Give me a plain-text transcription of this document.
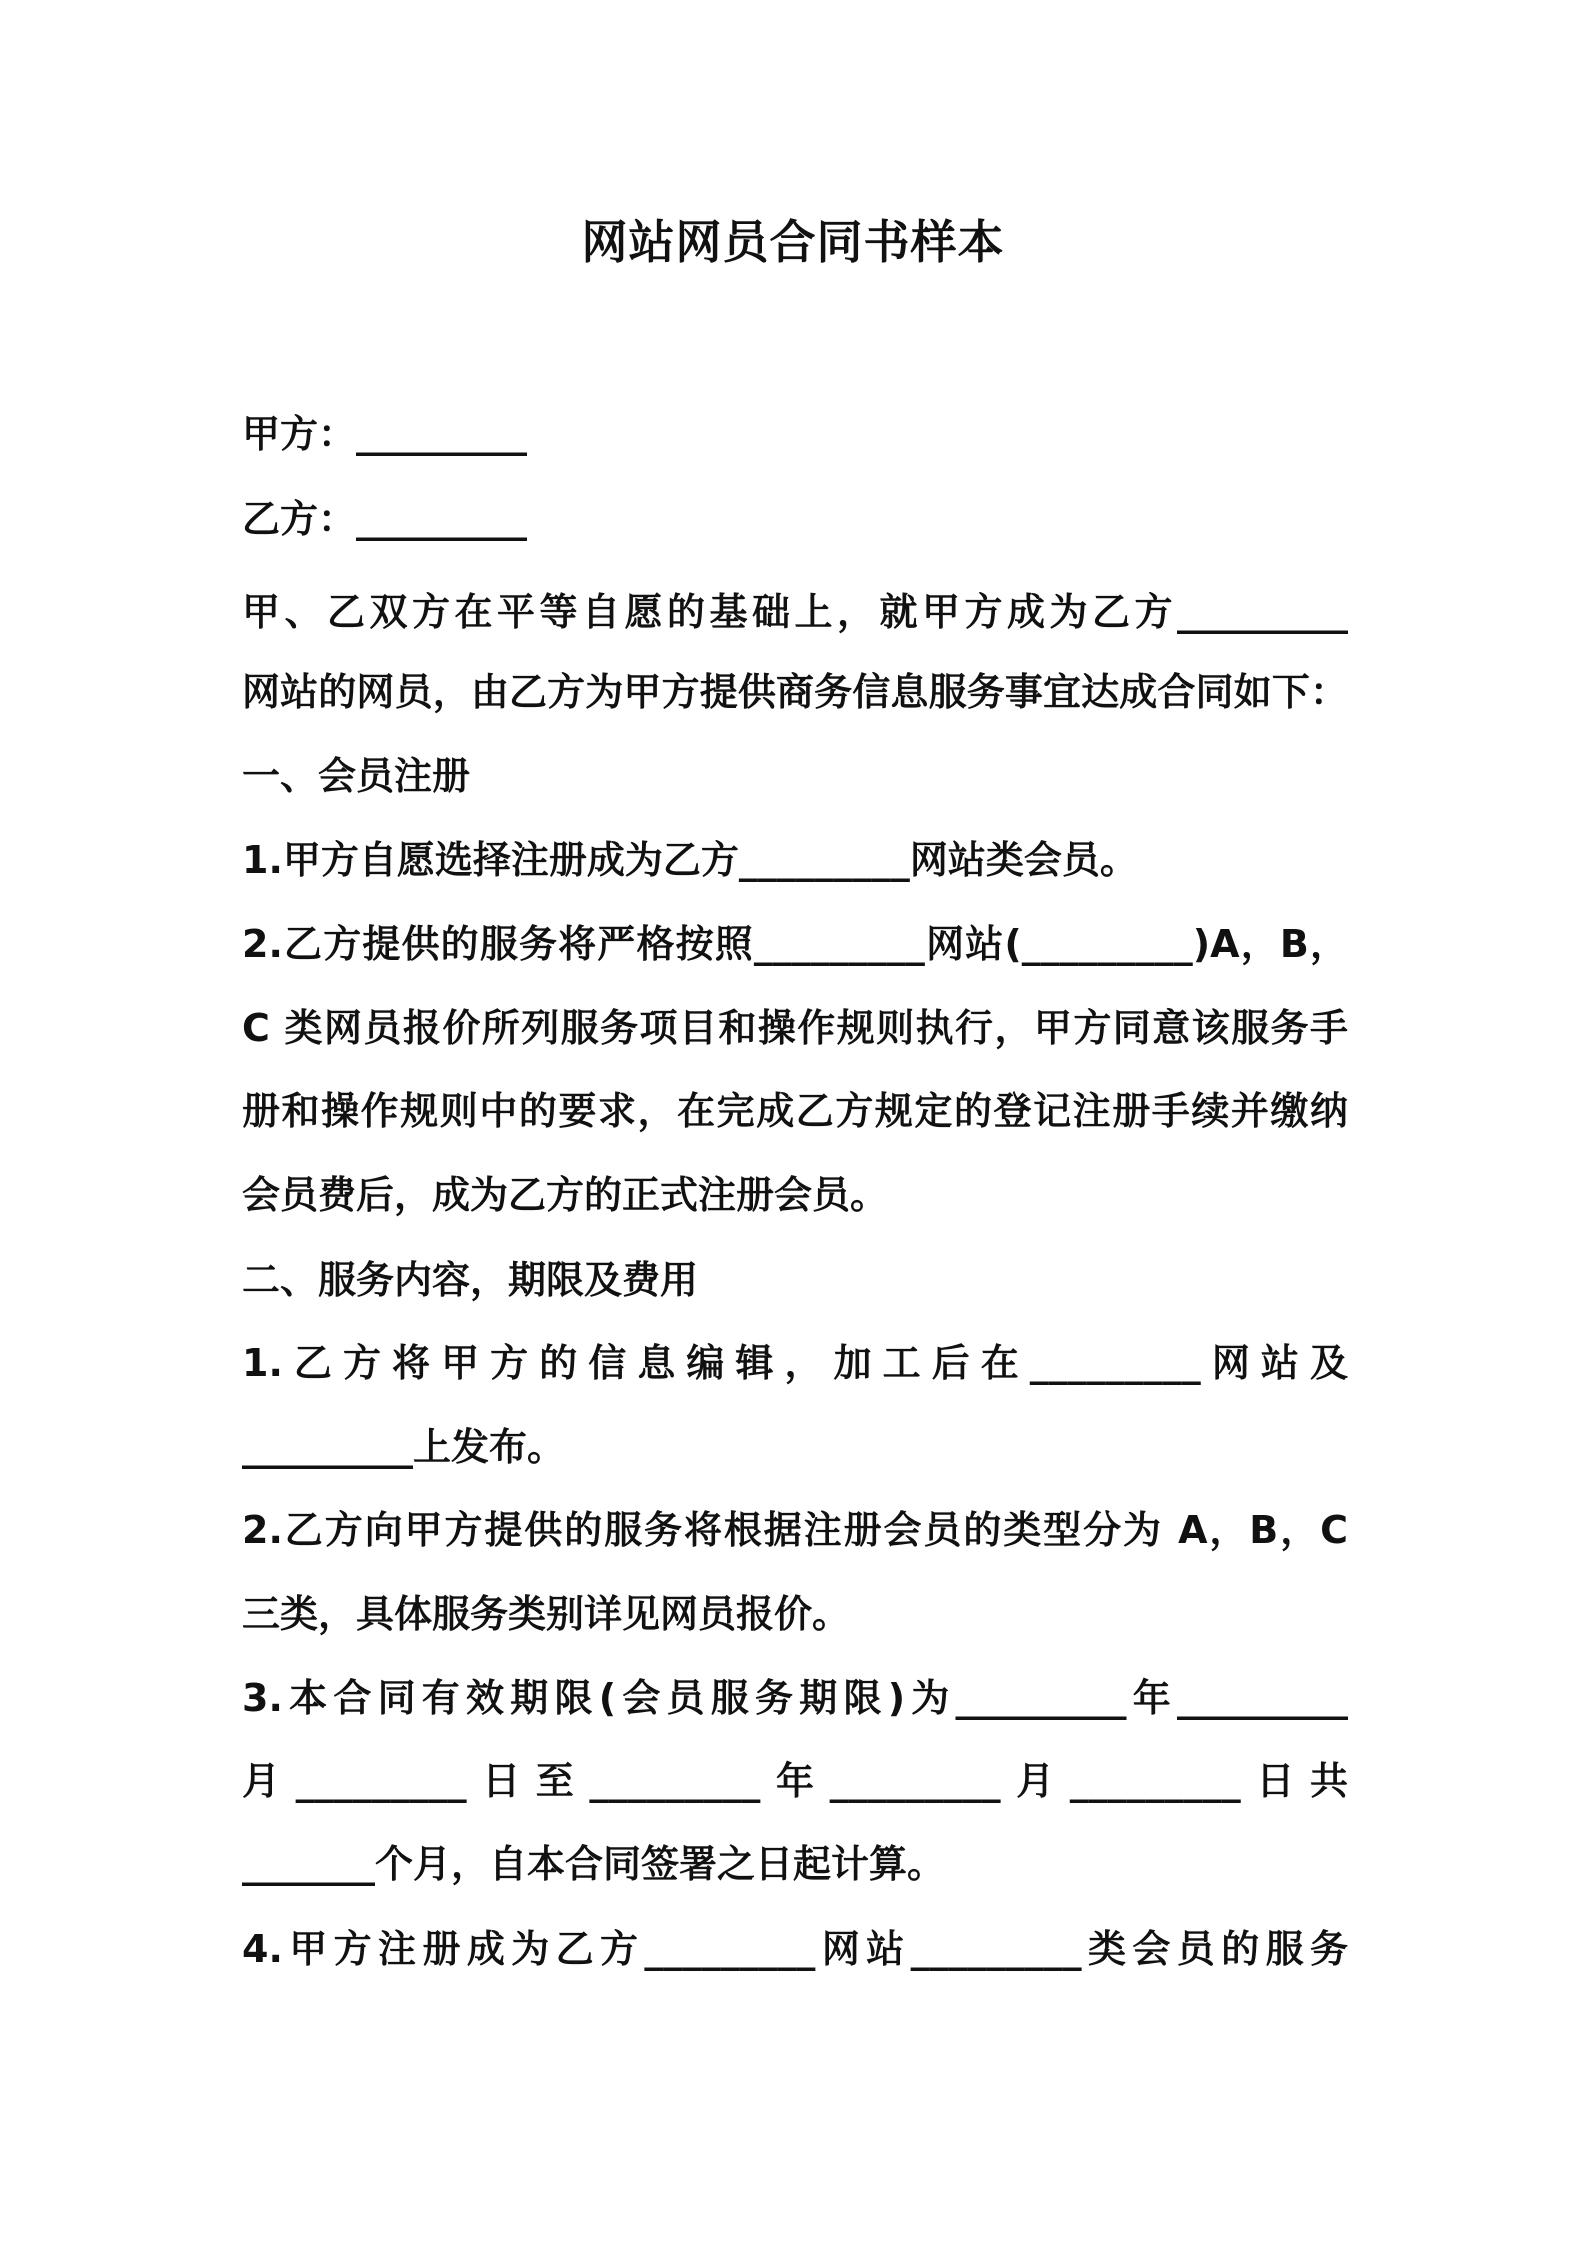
网站网员合同书样本
甲方：_________
乙方：_________
甲、乙双方在平等自愿的基础上，就甲方成为乙方_________
网站的网员，由乙方为甲方提供商务信息服务事宜达成合同如下：
一、会员注册
1.甲方自愿选择注册成为乙方_________网站类会员。
2.乙方提供的服务将严格按照_________网站(_________)A，B，
C 类网员报价所列服务项目和操作规则执行，甲方同意该服务手
册和操作规则中的要求，在完成乙方规定的登记注册手续并缴纳
会员费后，成为乙方的正式注册会员。
二、服务内容，期限及费用
1.乙方将甲方的信息编辑，加工后在_________网站及
_________上发布。
2.乙方向甲方提供的服务将根据注册会员的类型分为 A，B，C
三类，具体服务类别详见网员报价。
3.本合同有效期限(会员服务期限)为_________年_________
月_________日至_________年_________月_________日共
_______个月，自本合同签署之日起计算。
4.甲方注册成为乙方_________网站_________类会员的服务
